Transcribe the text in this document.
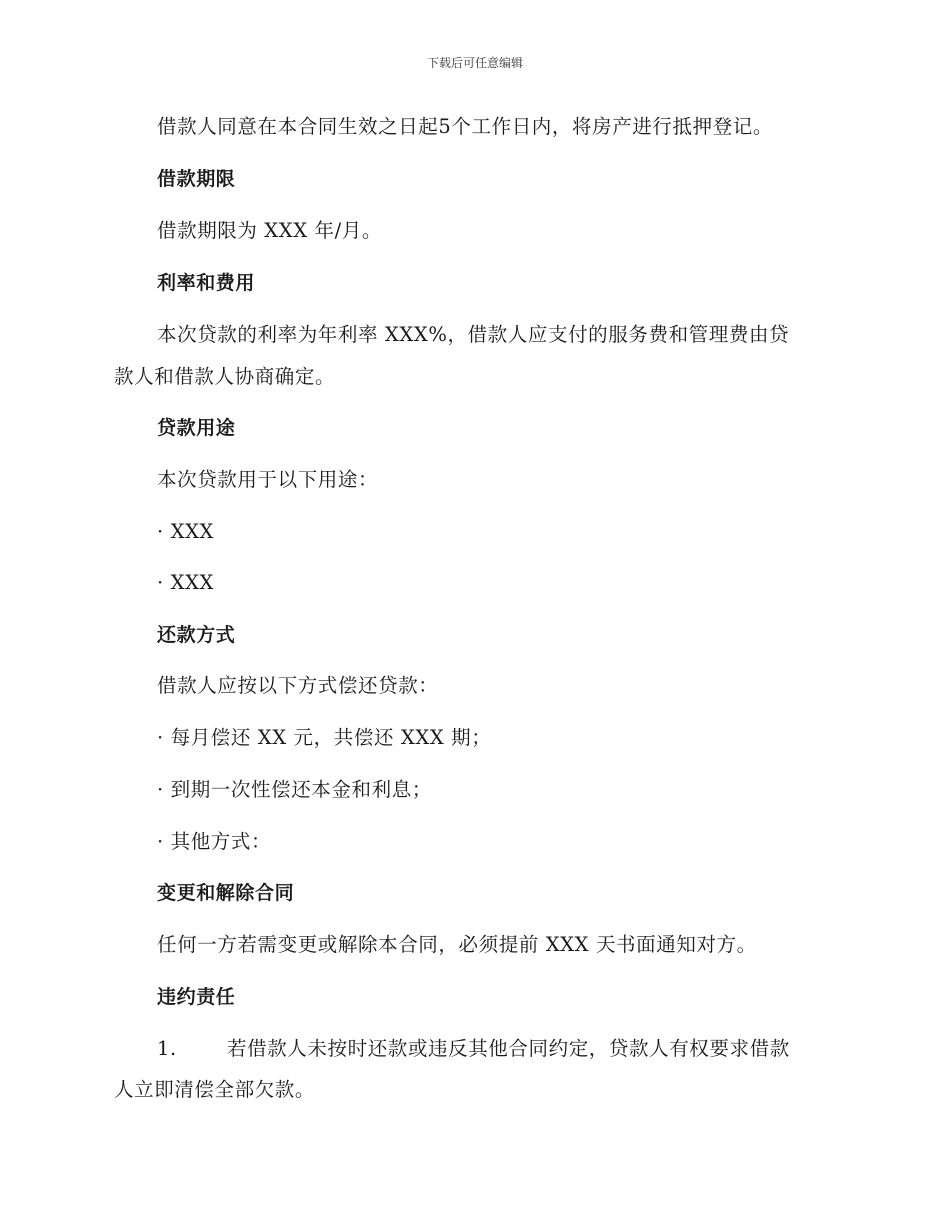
下载后可任意编辑
借款人同意在本合同生效之日起5个工作日内，将房产进行抵押登记。
借款期限
借款期限为 XXX 年/月。
利率和费用
本次贷款的利率为年利率 XXX%，借款人应支付的服务费和管理费由贷
款人和借款人协商确定。
贷款用途
本次贷款用于以下用途：
· XXX
· XXX
还款方式
借款人应按以下方式偿还贷款：
· 每月偿还 XX 元，共偿还 XXX 期；
· 到期一次性偿还本金和利息；
· 其他方式：
变更和解除合同
任何一方若需变更或解除本合同，必须提前 XXX 天书面通知对方。
违约责任
1.	若借款人未按时还款或违反其他合同约定，贷款人有权要求借款
人立即清偿全部欠款。
